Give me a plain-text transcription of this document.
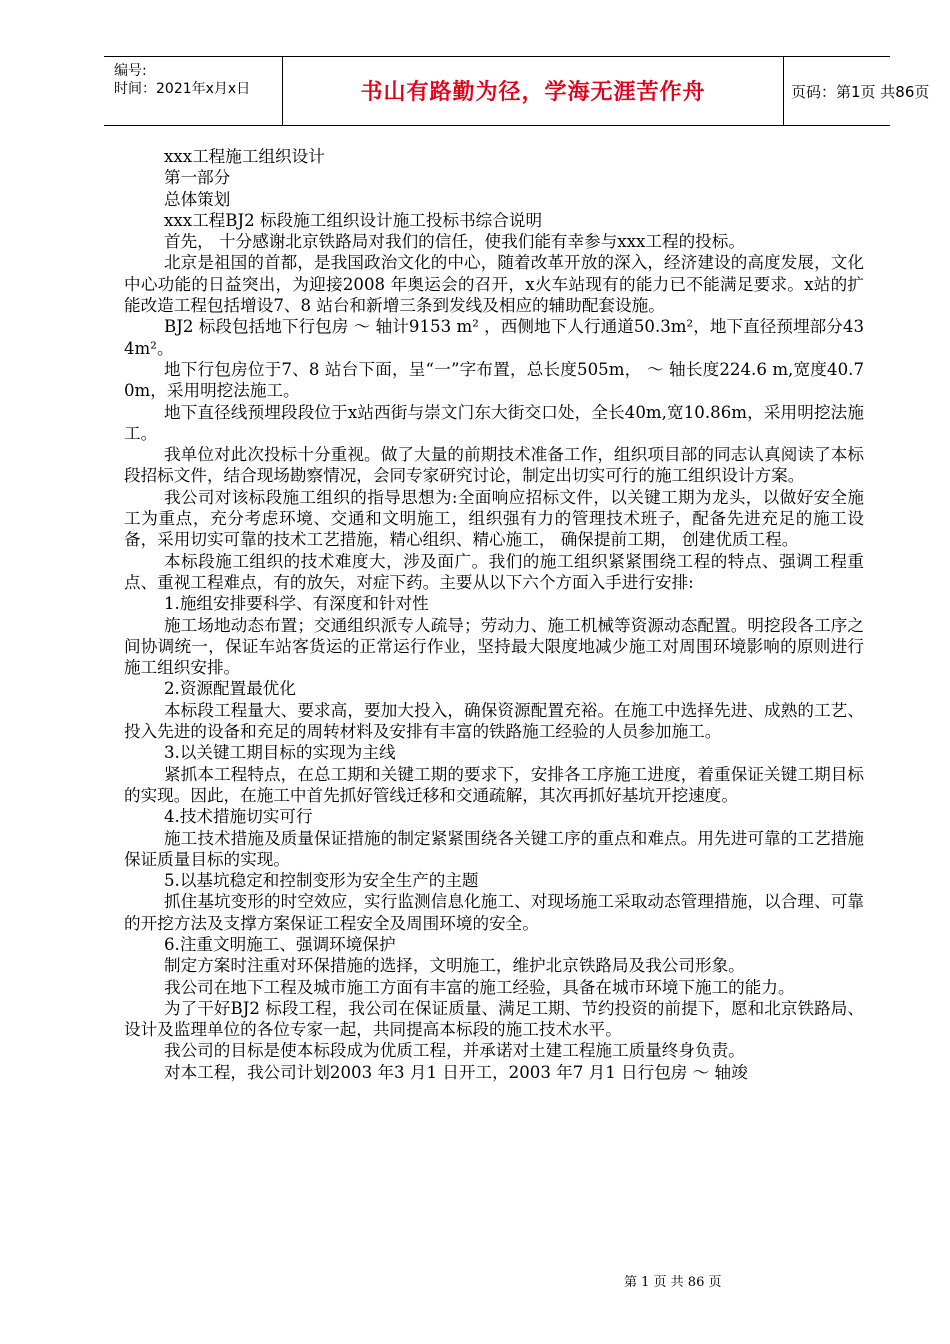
编号:
时间：2021年x月x日	书山有路勤为径，学海无涯苦作舟	页码：第1页 共86页

xxx工程施工组织设计

第一部分

总体策划

xxx工程BJ2 标段施工组织设计施工投标书综合说明

首先， 十分感谢北京铁路局对我们的信任，使我们能有幸参与xxx工程的投标。

北京是祖国的首都，是我国政治文化的中心，随着改革开放的深入，经济建设的高度发展，文化中心功能的日益突出，为迎接2008 年奥运会的召开，x火车站现有的能力已不能满足要求。x站的扩能改造工程包括增设7、8 站台和新增三条到发线及相应的辅助配套设施。

BJ2 标段包括地下行包房 ～ 轴计9153 m² ，西侧地下人行通道50.3m²，地下直径预埋部分434m²。

地下行包房位于7、8 站台下面，呈“一”字布置，总长度505m， ～ 轴长度224.6 m,宽度40.70m，采用明挖法施工。

地下直径线预埋段段位于x站西街与崇文门东大街交口处，全长40m,宽10.86m，采用明挖法施工。

我单位对此次投标十分重视。做了大量的前期技术准备工作，组织项目部的同志认真阅读了本标段招标文件，结合现场勘察情况，会同专家研究讨论，制定出切实可行的施工组织设计方案。

我公司对该标段施工组织的指导思想为:全面响应招标文件，以关键工期为龙头，以做好安全施工为重点，充分考虑环境、交通和文明施工，组织强有力的管理技术班子，配备先进充足的施工设备，采用切实可靠的技术工艺措施，精心组织、精心施工， 确保提前工期， 创建优质工程。

本标段施工组织的技术难度大，涉及面广。我们的施工组织紧紧围绕工程的特点、强调工程重点、重视工程难点，有的放矢，对症下药。主要从以下六个方面入手进行安排:

1.施组安排要科学、有深度和针对性

施工场地动态布置；交通组织派专人疏导；劳动力、施工机械等资源动态配置。明挖段各工序之间协调统一，保证车站客货运的正常运行作业，坚持最大限度地减少施工对周围环境影响的原则进行施工组织安排。

2.资源配置最优化

本标段工程量大、要求高，要加大投入，确保资源配置充裕。在施工中选择先进、成熟的工艺、投入先进的设备和充足的周转材料及安排有丰富的铁路施工经验的人员参加施工。

3.以关键工期目标的实现为主线

紧抓本工程特点，在总工期和关键工期的要求下，安排各工序施工进度，着重保证关键工期目标的实现。因此，在施工中首先抓好管线迁移和交通疏解，其次再抓好基坑开挖速度。

4.技术措施切实可行

施工技术措施及质量保证措施的制定紧紧围绕各关键工序的重点和难点。用先进可靠的工艺措施保证质量目标的实现。

5.以基坑稳定和控制变形为安全生产的主题

抓住基坑变形的时空效应，实行监测信息化施工、对现场施工采取动态管理措施，以合理、可靠的开挖方法及支撑方案保证工程安全及周围环境的安全。

6.注重文明施工、强调环境保护

制定方案时注重对环保措施的选择，文明施工，维护北京铁路局及我公司形象。

我公司在地下工程及城市施工方面有丰富的施工经验，具备在城市环境下施工的能力。

为了干好BJ2 标段工程，我公司在保证质量、满足工期、节约投资的前提下，愿和北京铁路局、设计及监理单位的各位专家一起，共同提高本标段的施工技术水平。

我公司的目标是使本标段成为优质工程，并承诺对土建工程施工质量终身负责。

对本工程，我公司计划2003 年3 月1 日开工，2003 年7 月1 日行包房 ～ 轴竣

第 1 页 共 86 页
